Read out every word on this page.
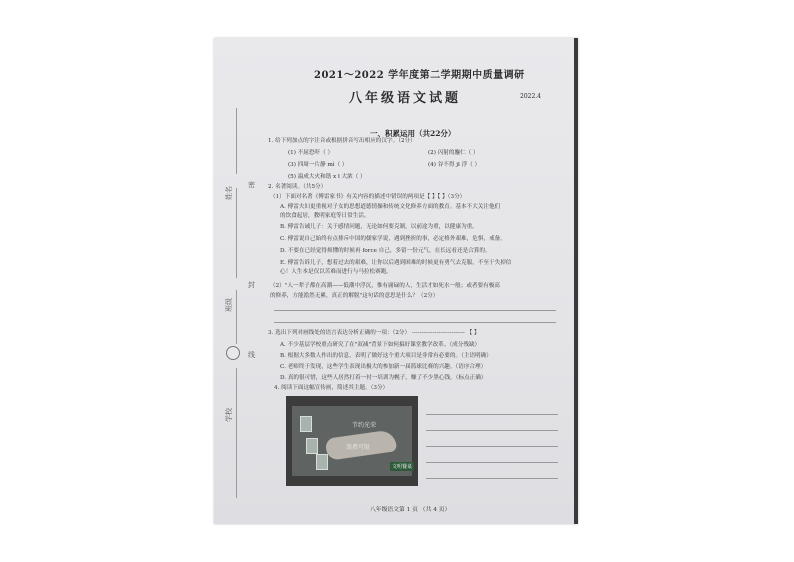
姓名
密
班级
封
线
学校
2021～2022 学年度第二学期期中质量调研
八年级语文试题	2022.4
一、积累运用（共22分）
1. 给下列加点的字注音或根据拼音写出相应的汉字。（2分）
(1) 不屈恐吓（ ）	(2) 闪射的鏖仁（ ）
(3) 四周一片静 mì（ ）	(4) 谷不得 jī 浮（ ）
(5) 溢成大火和谐 x ī 大浓（ ）
2. 名著阅读。（共5分）
（1）下面对名著《傅雷家书》有关内容的描述中错误的两项是【 】【 】（3分）
A. 傅雷夫妇更重视对子女的思想道德情操和传统文化修养方面的教育。基本不大关注他们
的饮食起居，教明家庭等日常生活。
B. 傅雷告诫儿子：关于感情问题，无论如何要克制，以前途为重，以健康为重。
C. 傅雷说自己始终有点排斥中国的儒家学说，遇到挫折的事，必定格外艰难，危惧，戒备。
D. 不要在已经觉得烦懂的时候再 force 自己，多留一份元气，在长远看还是合算的。
E. 傅雷告诉儿子，想着过去的艰难，让你以后遇到困难的时候更有勇气去克服，不至于失掉信
心！人生本是仅以苦难而进行与马拉松赛跑。
（2）"人一辈子都在高潮——低潮中浮沉，惟有庸碌的人，生活才如死水一般；或者要有极高
的修养，方能澹然无累，真正的解脱"这句话的意思是什么？（2分）
3. 选出下列对画线处的语言表达分析正确的一项：（2分） ---------------------------- 【 】
A. 不少基层学校重点研究了在"双减"背景下如何搞好课堂教学改革。（成分残缺）
B. 根据大多数人作出的信息，表明了做好这个重大项目是非常有必要的。（主语明确）
C. 老师终于发现，这些学生表现出极大的参加新一届篮球比赛的兴趣。（语序合理）
D. 真的很可惜，这些人居然打着一衬一培训为幌子，赚了不少黑心钱。（标点正确）
4. 阅读下面这幅宣传画，简述其主题。（3分）
节约光荣
浪费可耻
文明餐桌
八年级语文第 1 页 （共 4 页）
